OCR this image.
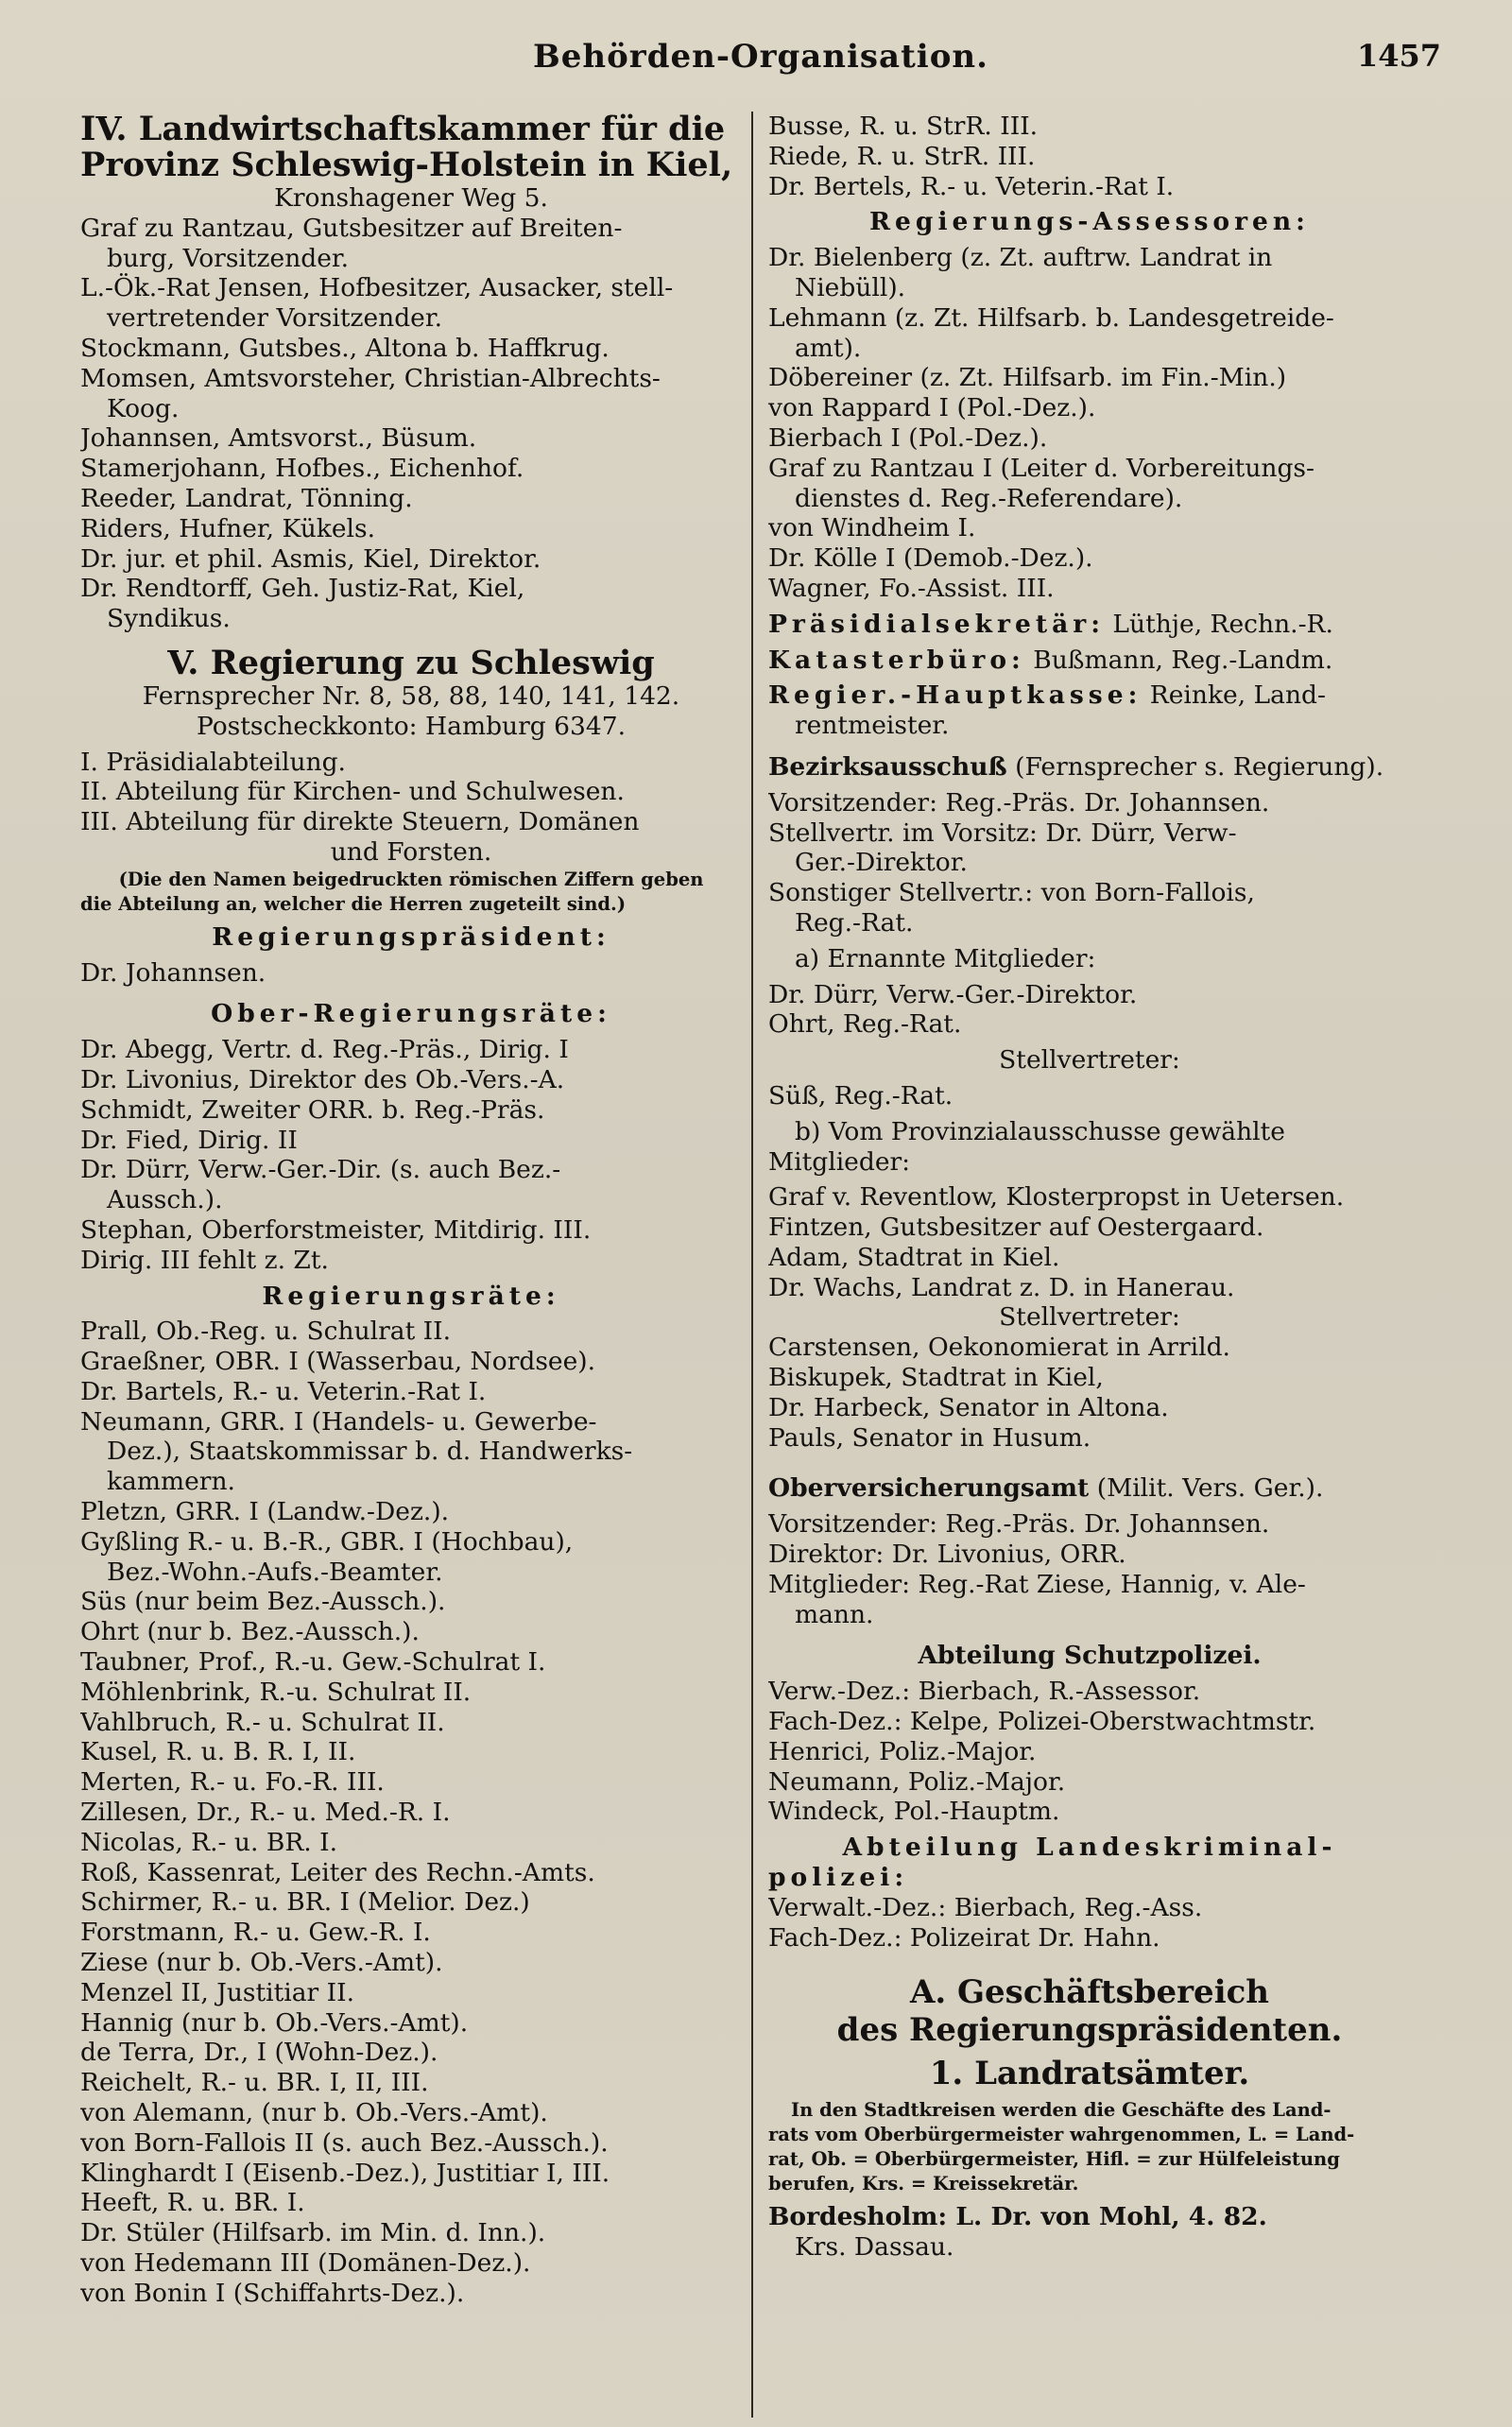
Behörden-Organisation.	1457
IV. Landwirtschaftskammer für die
Provinz Schleswig-Holstein in Kiel,
Kronshagener Weg 5.
Graf zu Rantzau, Gutsbesitzer auf Breiten-
burg, Vorsitzender.
L.-Ök.-Rat Jensen, Hofbesitzer, Ausacker, stell-
vertretender Vorsitzender.
Stockmann, Gutsbes., Altona b. Haffkrug.
Momsen, Amtsvorsteher, Christian-Albrechts-
Koog.
Johannsen, Amtsvorst., Büsum.
Stamerjohann, Hofbes., Eichenhof.
Reeder, Landrat, Tönning.
Riders, Hufner, Kükels.
Dr. jur. et phil. Asmis, Kiel, Direktor.
Dr. Rendtorff, Geh. Justiz-Rat, Kiel,
Syndikus.
V. Regierung zu Schleswig
Fernsprecher Nr. 8, 58, 88, 140, 141, 142.
Postscheckkonto: Hamburg 6347.
I. Präsidialabteilung.
II. Abteilung für Kirchen- und Schulwesen.
III. Abteilung für direkte Steuern, Domänen
und Forsten.
(Die den Namen beigedruckten römischen Ziffern geben
die Abteilung an, welcher die Herren zugeteilt sind.)
Regierungspräsident:
Dr. Johannsen.
Ober-Regierungsräte:
Dr. Abegg, Vertr. d. Reg.-Präs., Dirig. I
Dr. Livonius, Direktor des Ob.-Vers.-A.
Schmidt, Zweiter ORR. b. Reg.-Präs.
Dr. Fied, Dirig. II
Dr. Dürr, Verw.-Ger.-Dir. (s. auch Bez.-
Aussch.).
Stephan, Oberforstmeister, Mitdirig. III.
Dirig. III fehlt z. Zt.
Regierungsräte:
Prall, Ob.-Reg. u. Schulrat II.
Graeßner, OBR. I (Wasserbau, Nordsee).
Dr. Bartels, R.- u. Veterin.-Rat I.
Neumann, GRR. I (Handels- u. Gewerbe-
Dez.), Staatskommissar b. d. Handwerks-
kammern.
Pletzn, GRR. I (Landw.-Dez.).
Gyßling R.- u. B.-R., GBR. I (Hochbau),
Bez.-Wohn.-Aufs.-Beamter.
Süs (nur beim Bez.-Aussch.).
Ohrt (nur b. Bez.-Aussch.).
Taubner, Prof., R.-u. Gew.-Schulrat I.
Möhlenbrink, R.-u. Schulrat II.
Vahlbruch, R.- u. Schulrat II.
Kusel, R. u. B. R. I, II.
Merten, R.- u. Fo.-R. III.
Zillesen, Dr., R.- u. Med.-R. I.
Nicolas, R.- u. BR. I.
Roß, Kassenrat, Leiter des Rechn.-Amts.
Schirmer, R.- u. BR. I (Melior. Dez.)
Forstmann, R.- u. Gew.-R. I.
Ziese (nur b. Ob.-Vers.-Amt).
Menzel II, Justitiar II.
Hannig (nur b. Ob.-Vers.-Amt).
de Terra, Dr., I (Wohn-Dez.).
Reichelt, R.- u. BR. I, II, III.
von Alemann, (nur b. Ob.-Vers.-Amt).
von Born-Fallois II (s. auch Bez.-Aussch.).
Klinghardt I (Eisenb.-Dez.), Justitiar I, III.
Heeft, R. u. BR. I.
Dr. Stüler (Hilfsarb. im Min. d. Inn.).
von Hedemann III (Domänen-Dez.).
von Bonin I (Schiffahrts-Dez.).
Busse, R. u. StrR. III.
Riede, R. u. StrR. III.
Dr. Bertels, R.- u. Veterin.-Rat I.
Regierungs-Assessoren:
Dr. Bielenberg (z. Zt. auftrw. Landrat in
Niebüll).
Lehmann (z. Zt. Hilfsarb. b. Landesgetreide-
amt).
Döbereiner (z. Zt. Hilfsarb. im Fin.-Min.)
von Rappard I (Pol.-Dez.).
Bierbach I (Pol.-Dez.).
Graf zu Rantzau I (Leiter d. Vorbereitungs-
dienstes d. Reg.-Referendare).
von Windheim I.
Dr. Kölle I (Demob.-Dez.).
Wagner, Fo.-Assist. III.
Präsidialsekretär: Lüthje, Rechn.-R.
Katasterbüro: Bußmann, Reg.-Landm.
Regier.-Hauptkasse: Reinke, Land-
rentmeister.
Bezirksausschuß (Fernsprecher s. Regierung).
Vorsitzender: Reg.-Präs. Dr. Johannsen.
Stellvertr. im Vorsitz: Dr. Dürr, Verw-
Ger.-Direktor.
Sonstiger Stellvertr.: von Born-Fallois,
Reg.-Rat.
a) Ernannte Mitglieder:
Dr. Dürr, Verw.-Ger.-Direktor.
Ohrt, Reg.-Rat.
Stellvertreter:
Süß, Reg.-Rat.
b) Vom Provinzialausschusse gewählte
Mitglieder:
Graf v. Reventlow, Klosterpropst in Uetersen.
Fintzen, Gutsbesitzer auf Oestergaard.
Adam, Stadtrat in Kiel.
Dr. Wachs, Landrat z. D. in Hanerau.
Stellvertreter:
Carstensen, Oekonomierat in Arrild.
Biskupek, Stadtrat in Kiel,
Dr. Harbeck, Senator in Altona.
Pauls, Senator in Husum.
Oberversicherungsamt (Milit. Vers. Ger.).
Vorsitzender: Reg.-Präs. Dr. Johannsen.
Direktor: Dr. Livonius, ORR.
Mitglieder: Reg.-Rat Ziese, Hannig, v. Ale-
mann.
Abteilung Schutzpolizei.
Verw.-Dez.: Bierbach, R.-Assessor.
Fach-Dez.: Kelpe, Polizei-Oberstwachtmstr.
Henrici, Poliz.-Major.
Neumann, Poliz.-Major.
Windeck, Pol.-Hauptm.
Abteilung Landeskriminal-
polizei:
Verwalt.-Dez.: Bierbach, Reg.-Ass.
Fach-Dez.: Polizeirat Dr. Hahn.
A. Geschäftsbereich
des Regierungspräsidenten.
1. Landratsämter.
In den Stadtkreisen werden die Geschäfte des Land-
rats vom Oberbürgermeister wahrgenommen, L. = Land-
rat, Ob. = Oberbürgermeister, Hifl. = zur Hülfeleistung
berufen, Krs. = Kreissekretär.
Bordesholm: L. Dr. von Mohl, 4. 82.
Krs. Dassau.
